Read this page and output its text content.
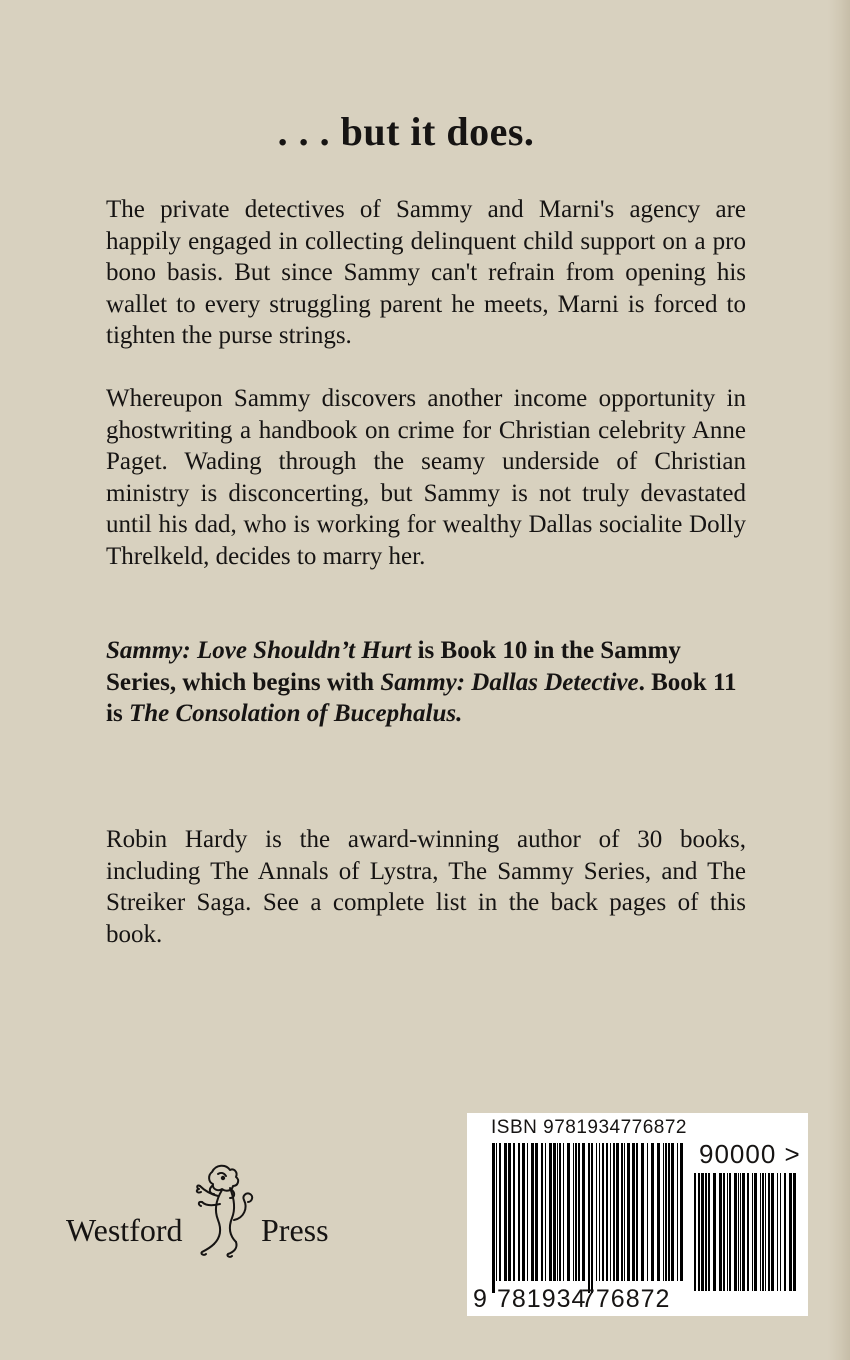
. . . but it does.

The private detectives of Sammy and Marni's agency are happily engaged in collecting delinquent child support on a pro bono basis. But since Sammy can't refrain from opening his wallet to every struggling parent he meets, Marni is forced to tighten the purse strings.

Whereupon Sammy discovers another income opportunity in ghostwriting a handbook on crime for Christian celebrity Anne Paget. Wading through the seamy underside of Christian ministry is disconcerting, but Sammy is not truly devastated until his dad, who is working for wealthy Dallas socialite Dolly Threlkeld, decides to marry her.

Sammy: Love Shouldn’t Hurt is Book 10 in the Sammy Series, which begins with Sammy: Dallas Detective. Book 11 is The Consolation of Bucephalus.

Robin Hardy is the award-winning author of 30 books, including The Annals of Lystra, The Sammy Series, and The Streiker Saga. See a complete list in the back pages of this book.

Westford Press
ISBN 9781934776872
90000 >
9 781934
776872
